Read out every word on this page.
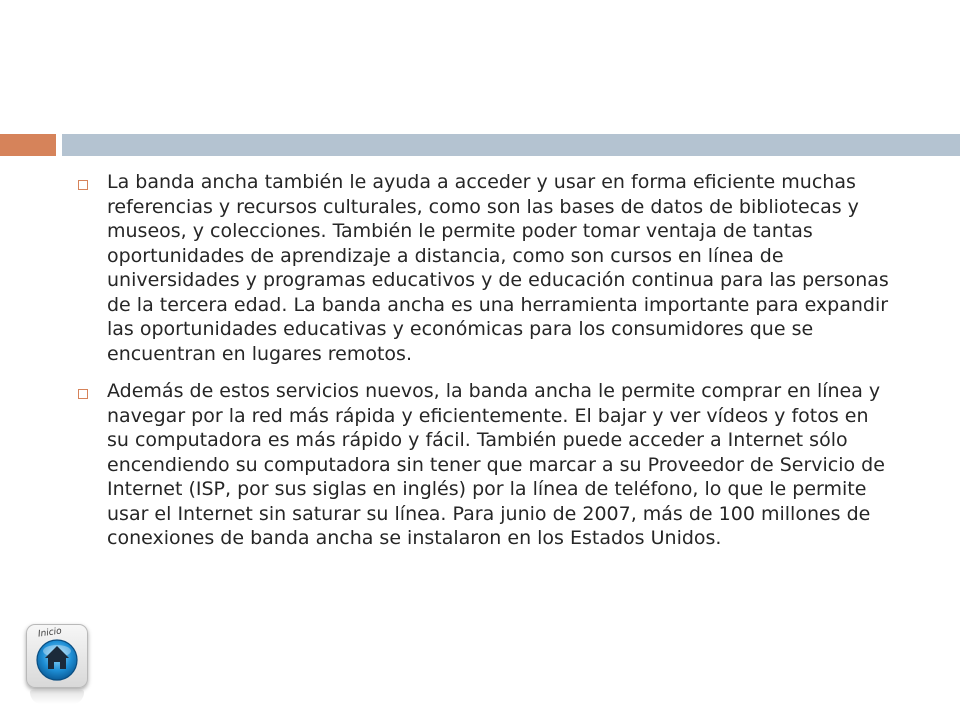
La banda ancha también le ayuda a acceder y usar en forma eficiente muchas referencias y recursos culturales, como son las bases de datos de bibliotecas y museos, y colecciones. También le permite poder tomar ventaja de tantas oportunidades de aprendizaje a distancia, como son cursos en línea de universidades y programas educativos y de educación continua para las personas de la tercera edad. La banda ancha es una herramienta importante para expandir las oportunidades educativas y económicas para los consumidores que se encuentran en lugares remotos.
Además de estos servicios nuevos, la banda ancha le permite comprar en línea y navegar por la red más rápida y eficientemente. El bajar y ver vídeos y fotos en su computadora es más rápido y fácil. También puede acceder a Internet sólo encendiendo su computadora sin tener que marcar a su Proveedor de Servicio de Internet (ISP, por sus siglas en inglés) por la línea de teléfono, lo que le permite usar el Internet sin saturar su línea. Para junio de 2007, más de 100 millones de conexiones de banda ancha se instalaron en los Estados Unidos.
Inicio
